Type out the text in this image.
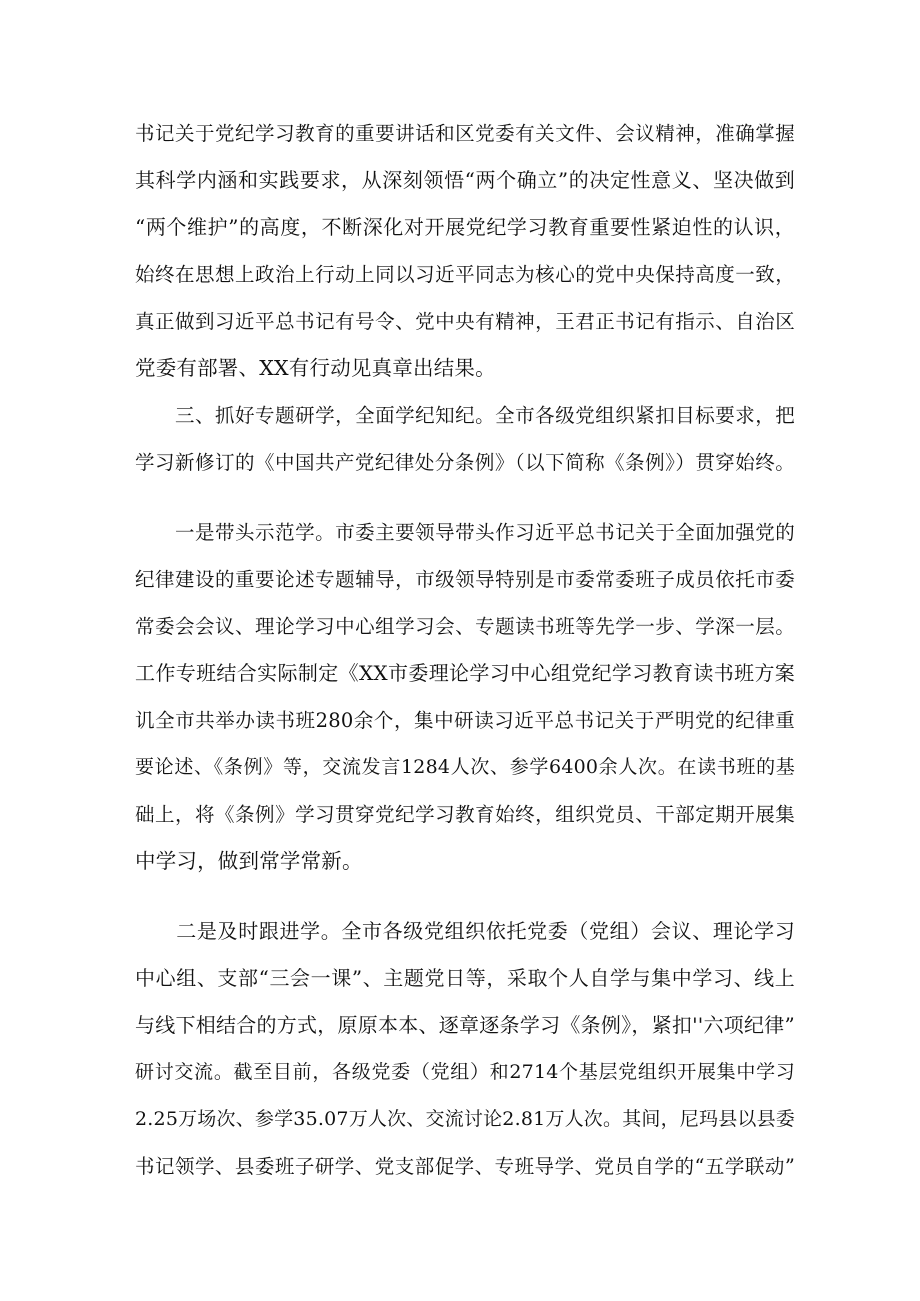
书记关于党纪学习教育的重要讲话和区党委有关文件、会议精神，准确掌握
其科学内涵和实践要求，从深刻领悟“两个确立”的决定性意义、坚决做到
“两个维护”的高度，不断深化对开展党纪学习教育重要性紧迫性的认识，
始终在思想上政治上行动上同以习近平同志为核心的党中央保持高度一致，
真正做到习近平总书记有号令、党中央有精神，王君正书记有指示、自治区
党委有部署、XX有行动见真章出结果。
　　三、抓好专题研学，全面学纪知纪。全市各级党组织紧扣目标要求，把
学习新修订的《中国共产党纪律处分条例》（以下简称《条例》）贯穿始终。
　　一是带头示范学。市委主要领导带头作习近平总书记关于全面加强党的
纪律建设的重要论述专题辅导，市级领导特别是市委常委班子成员依托市委
常委会会议、理论学习中心组学习会、专题读书班等先学一步、学深一层。
工作专班结合实际制定《XX市委理论学习中心组党纪学习教育读书班方案
讥全市共举办读书班280余个，集中研读习近平总书记关于严明党的纪律重
要论述、《条例》等，交流发言1284人次、参学6400余人次。在读书班的基
础上，将《条例》学习贯穿党纪学习教育始终，组织党员、干部定期开展集
中学习，做到常学常新。
　　二是及时跟进学。全市各级党组织依托党委（党组）会议、理论学习
中心组、支部“三会一课”、主题党日等，采取个人自学与集中学习、线上
与线下相结合的方式，原原本本、逐章逐条学习《条例》，紧扣''六项纪律”
研讨交流。截至目前，各级党委（党组）和2714个基层党组织开展集中学习
2.25万场次、参学35.07万人次、交流讨论2.81万人次。其间，尼玛县以县委
书记领学、县委班子研学、党支部促学、专班导学、党员自学的“五学联动”
